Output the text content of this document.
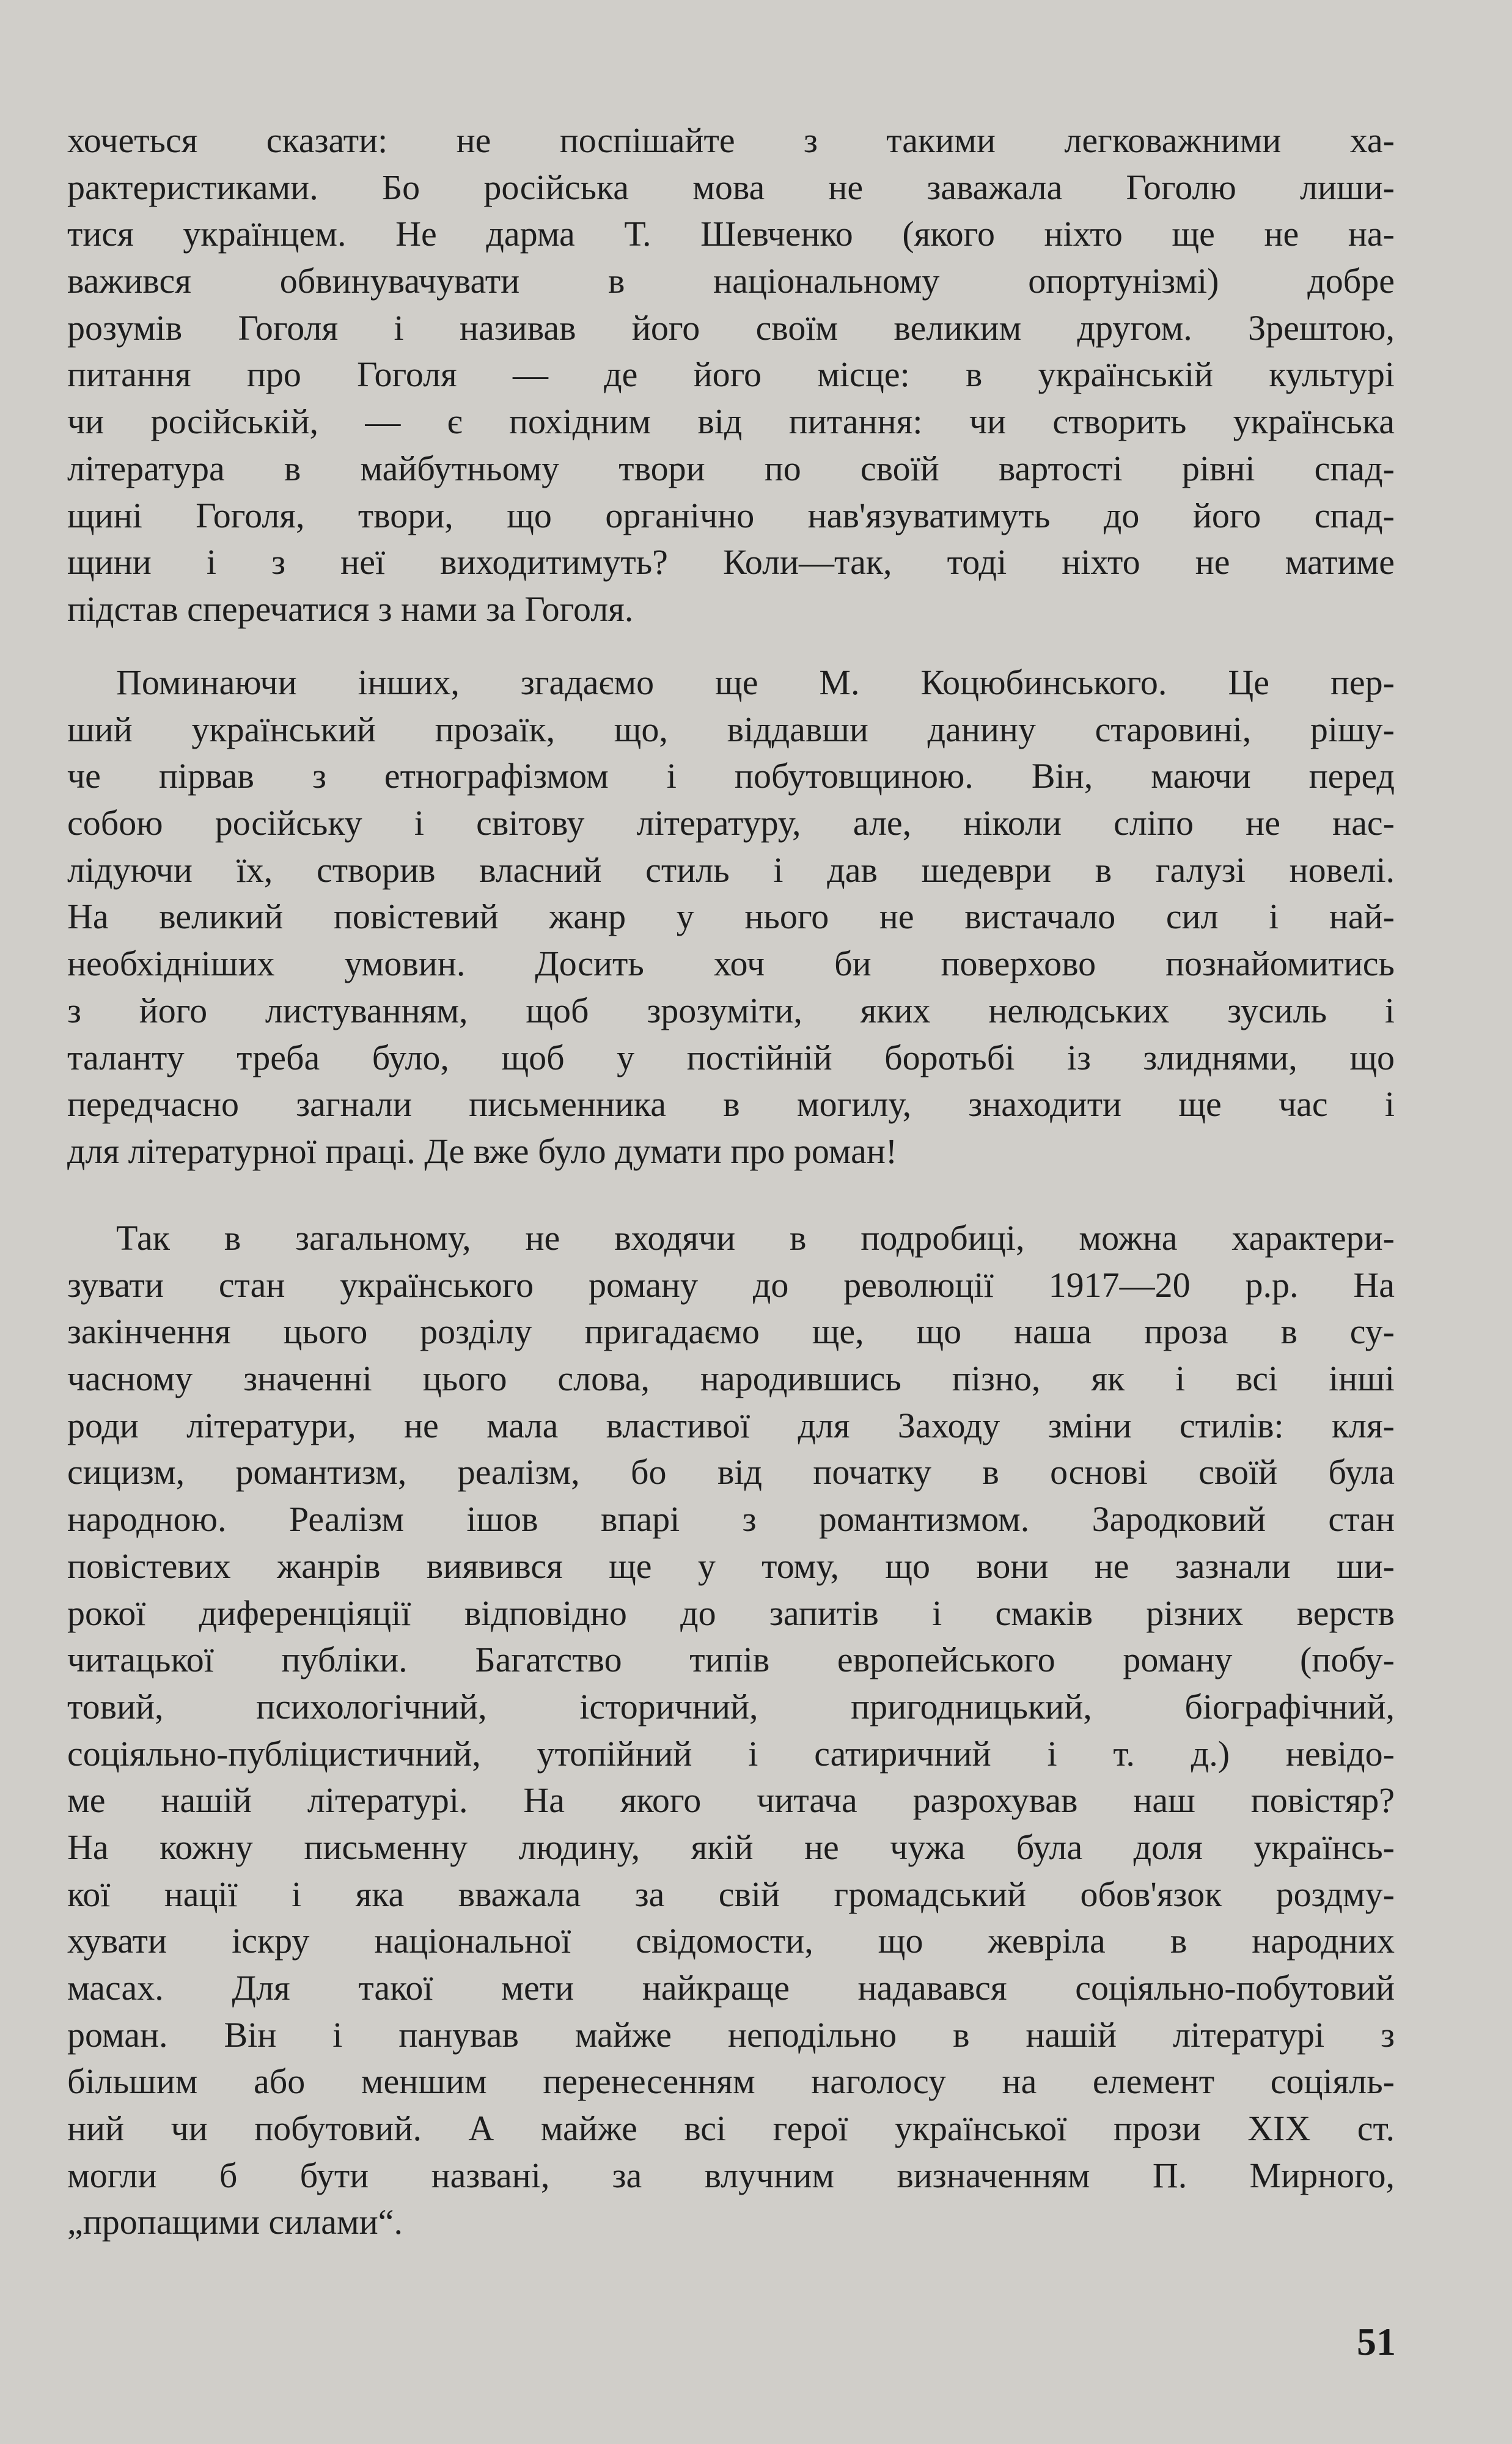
хочеться сказати: не поспішайте з такими легковажними ха-
рактеристиками. Бо російська мова не заважала Гоголю лиши-
тися українцем. Не дарма Т. Шевченко (якого ніхто ще не на-
важився обвинувачувати в національному опортунізмі) добре
розумів Гоголя і називав його своїм великим другом. Зрештою,
питання про Гоголя — де його місце: в українській культурі
чи російській, — є похідним від питання: чи створить українська
література в майбутньому твори по своїй вартості рівні спад-
щині Гоголя, твори, що органічно нав'язуватимуть до його спад-
щини і з неї виходитимуть? Коли—так, тоді ніхто не матиме
підстав сперечатися з нами за Гоголя.
Поминаючи інших, згадаємо ще М. Коцюбинського. Це пер-
ший український прозаїк, що, віддавши данину старовині, рішу-
че пірвав з етнографізмом і побутовщиною. Він, маючи перед
собою російську і світову літературу, але, ніколи сліпо не нас-
лідуючи їх, створив власний стиль і дав шедеври в галузі новелі.
На великий повістевий жанр у нього не вистачало сил і най-
необхідніших умовин. Досить хоч би поверхово познайомитись
з його листуванням, щоб зрозуміти, яких нелюдських зусиль і
таланту треба було, щоб у постійній боротьбі із злиднями, що
передчасно загнали письменника в могилу, знаходити ще час і
для літературної праці. Де вже було думати про роман!
Так в загальному, не входячи в подробиці, можна характери-
зувати стан українського роману до революції 1917—20 р.р. На
закінчення цього розділу пригадаємо ще, що наша проза в су-
часному значенні цього слова, народившись пізно, як і всі інші
роди літератури, не мала властивої для Заходу зміни стилів: кля-
сицизм, романтизм, реалізм, бо від початку в основі своїй була
народною. Реалізм ішов впарі з романтизмом. Зародковий стан
повістевих жанрів виявився ще у тому, що вони не зазнали ши-
рокої диференціяції відповідно до запитів і смаків різних верств
читацької публіки. Багатство типів европейського роману (побу-
товий, психологічний, історичний, пригодницький, біографічний,
соціяльно-публіцистичний, утопійний і сатиричний і т. д.) невідо-
ме нашій літературі. На якого читача разрохував наш повістяр?
На кожну письменну людину, якій не чужа була доля українсь-
кої нації і яка вважала за свій громадський обов'язок роздму-
хувати іскру національної свідомости, що жевріла в народних
масах. Для такої мети найкраще надавався соціяльно-побутовий
роман. Він і панував майже неподільно в нашій літературі з
більшим або меншим перенесенням наголосу на елемент соціяль-
ний чи побутовий. А майже всі герої української прози XIX ст.
могли б бути названі, за влучним визначенням П. Мирного,
„пропащими силами“.
51
